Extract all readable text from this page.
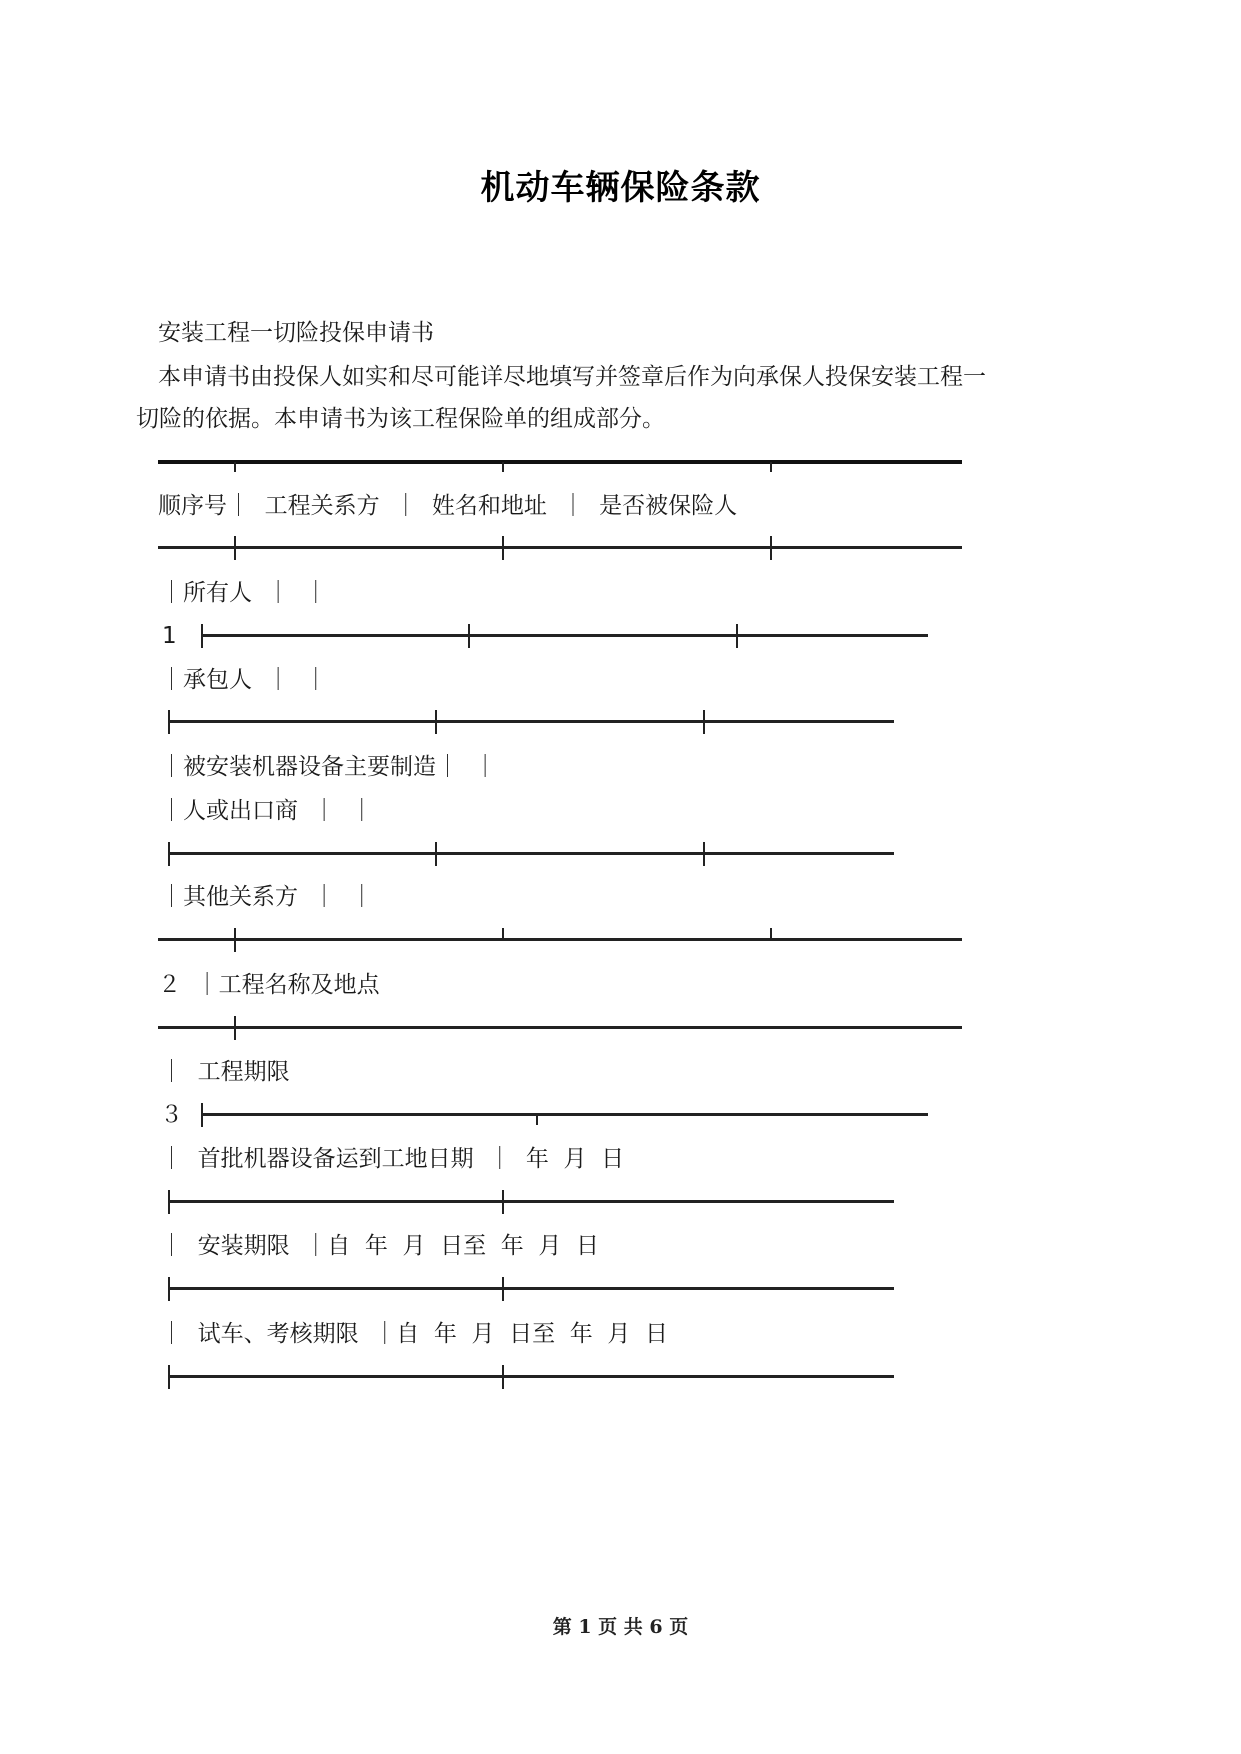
机动车辆保险条款
安装工程一切险投保申请书
本申请书由投保人如实和尽可能详尽地填写并签章后作为向承保人投保安装工程一
切险的依据。本申请书为该工程保险单的组成部分。
顺序号｜  工程关系方  ｜  姓名和地址  ｜  是否被保险人
｜所有人  ｜  ｜
1
｜承包人  ｜  ｜
｜被安装机器设备主要制造｜  ｜
｜人或出口商  ｜  ｜
｜其他关系方  ｜  ｜
２  ｜工程名称及地点
｜  工程期限
３
｜  首批机器设备运到工地日期  ｜  年  月  日
｜  安装期限  ｜自  年  月  日至  年  月  日
｜  试车、考核期限  ｜自  年  月  日至  年  月  日
第 1 页 共 6 页
